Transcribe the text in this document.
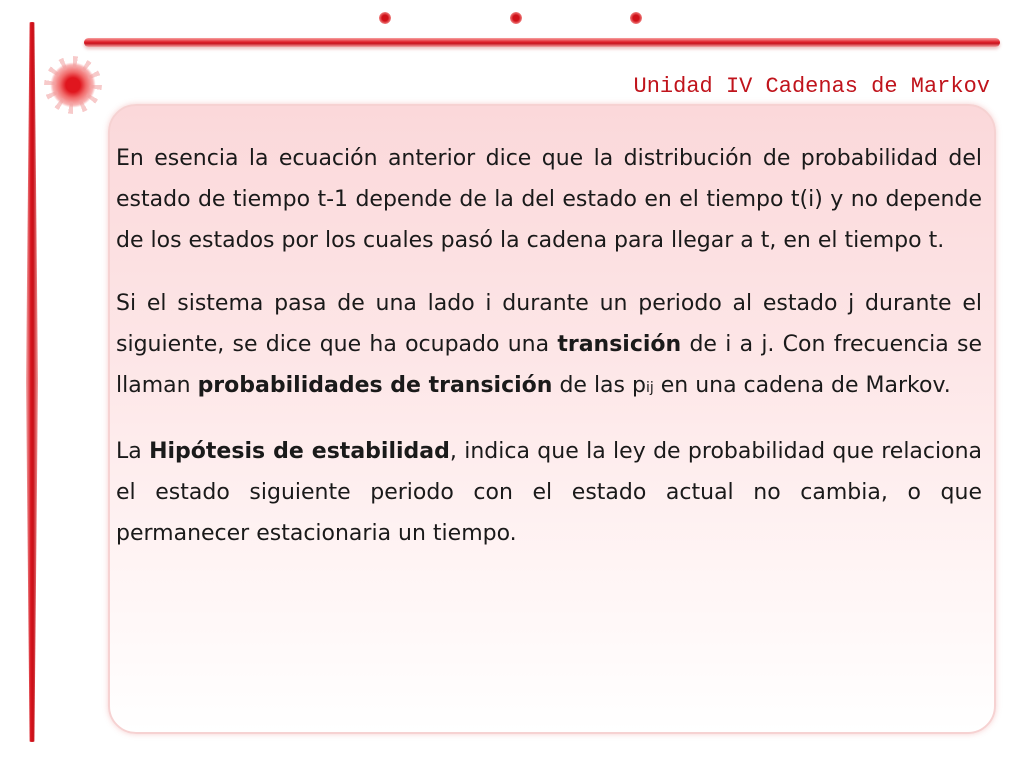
Unidad IV Cadenas de Markov

En esencia la ecuación anterior dice que la distribución de probabilidad del estado de tiempo t-1 depende de la del estado en el tiempo t(i) y no depende de los estados por los cuales pasó la cadena para llegar a t, en el tiempo t.

Si el sistema pasa de una lado i durante un periodo al estado j durante el siguiente, se dice que ha ocupado una transición de i a j. Con frecuencia se llaman probabilidades de transición de las pij en una cadena de Markov.

La Hipótesis de estabilidad, indica que la ley de probabilidad que relaciona el estado siguiente periodo con el estado actual no cambia, o que permanecer estacionaria un tiempo.
